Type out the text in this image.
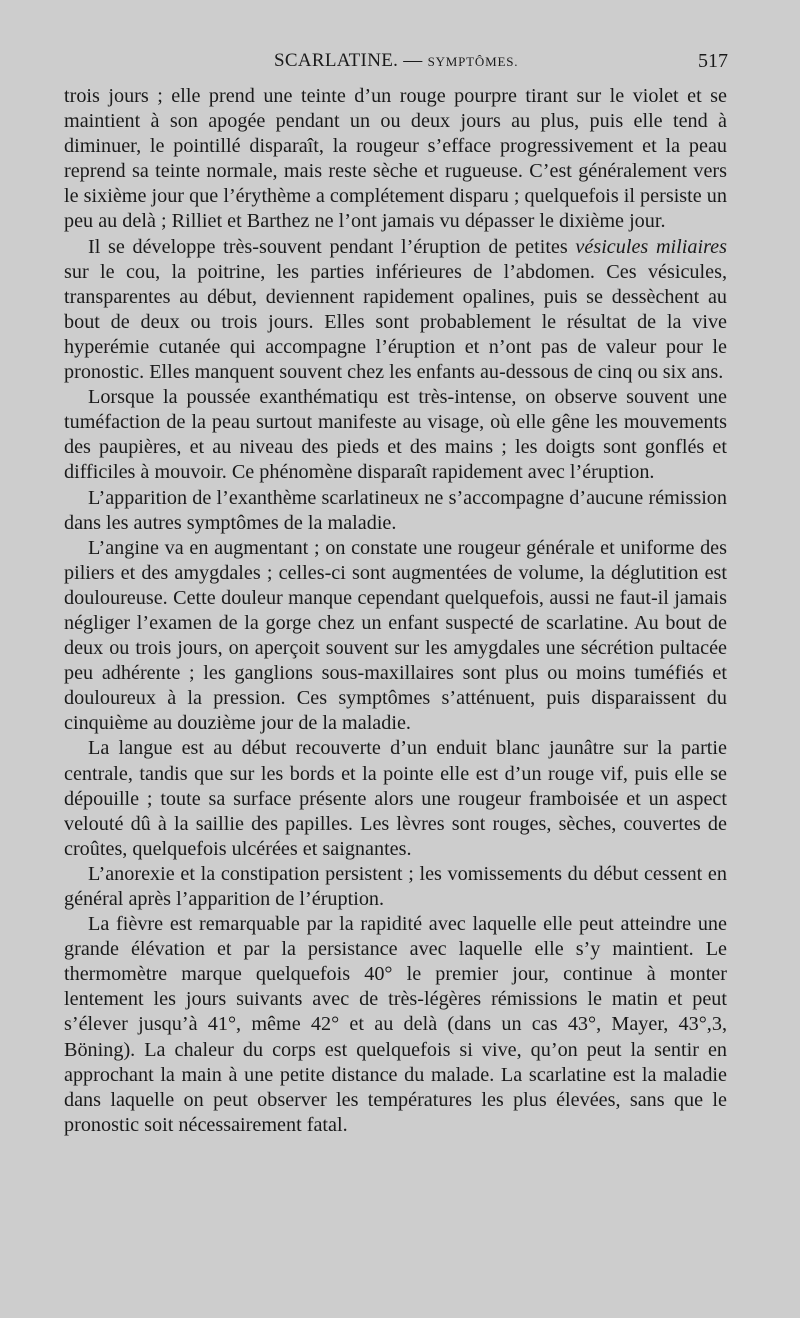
SCARLATINE. — SYMPTÔMES.	517

trois jours ; elle prend une teinte d’un rouge pourpre tirant sur le violet et se maintient à son apogée pendant un ou deux jours au plus, puis elle tend à diminuer, le pointillé disparaît, la rougeur s’efface progressivement et la peau reprend sa teinte normale, mais reste sèche et rugueuse. C’est généralement vers le sixième jour que l’érythème a complétement disparu ; quelquefois il persiste un peu au delà ; Rilliet et Barthez ne l’ont jamais vu dépasser le dixième jour.

Il se développe très-souvent pendant l’éruption de petites vésicules miliaires sur le cou, la poitrine, les parties inférieures de l’abdomen. Ces vésicules, transparentes au début, deviennent rapidement opalines, puis se dessèchent au bout de deux ou trois jours. Elles sont probablement le résultat de la vive hyperémie cutanée qui accompagne l’éruption et n’ont pas de valeur pour le pronostic. Elles manquent souvent chez les enfants au-dessous de cinq ou six ans.

Lorsque la poussée exanthématiqu est très-intense, on observe souvent une tuméfaction de la peau surtout manifeste au visage, où elle gêne les mouvements des paupières, et au niveau des pieds et des mains ; les doigts sont gonflés et difficiles à mouvoir. Ce phénomène disparaît rapidement avec l’éruption.

L’apparition de l’exanthème scarlatineux ne s’accompagne d’aucune rémission dans les autres symptômes de la maladie.

L’angine va en augmentant ; on constate une rougeur générale et uniforme des piliers et des amygdales ; celles-ci sont augmentées de volume, la déglutition est douloureuse. Cette douleur manque cependant quelquefois, aussi ne faut-il jamais négliger l’examen de la gorge chez un enfant suspecté de scarlatine. Au bout de deux ou trois jours, on aperçoit souvent sur les amygdales une sécrétion pultacée peu adhérente ; les ganglions sous-maxillaires sont plus ou moins tuméfiés et douloureux à la pression. Ces symptômes s’atténuent, puis disparaissent du cinquième au douzième jour de la maladie.

La langue est au début recouverte d’un enduit blanc jaunâtre sur la partie centrale, tandis que sur les bords et la pointe elle est d’un rouge vif, puis elle se dépouille ; toute sa surface présente alors une rougeur framboisée et un aspect velouté dû à la saillie des papilles. Les lèvres sont rouges, sèches, couvertes de croûtes, quelquefois ulcérées et saignantes.

L’anorexie et la constipation persistent ; les vomissements du début cessent en général après l’apparition de l’éruption.

La fièvre est remarquable par la rapidité avec laquelle elle peut atteindre une grande élévation et par la persistance avec laquelle elle s’y maintient. Le thermomètre marque quelquefois 40° le premier jour, continue à monter lentement les jours suivants avec de très-légères rémissions le matin et peut s’élever jusqu’à 41°, même 42° et au delà (dans un cas 43°, Mayer, 43°,3, Böning). La chaleur du corps est quelquefois si vive, qu’on peut la sentir en approchant la main à une petite distance du malade. La scarlatine est la maladie dans laquelle on peut observer les températures les plus élevées, sans que le pronostic soit nécessairement fatal.
